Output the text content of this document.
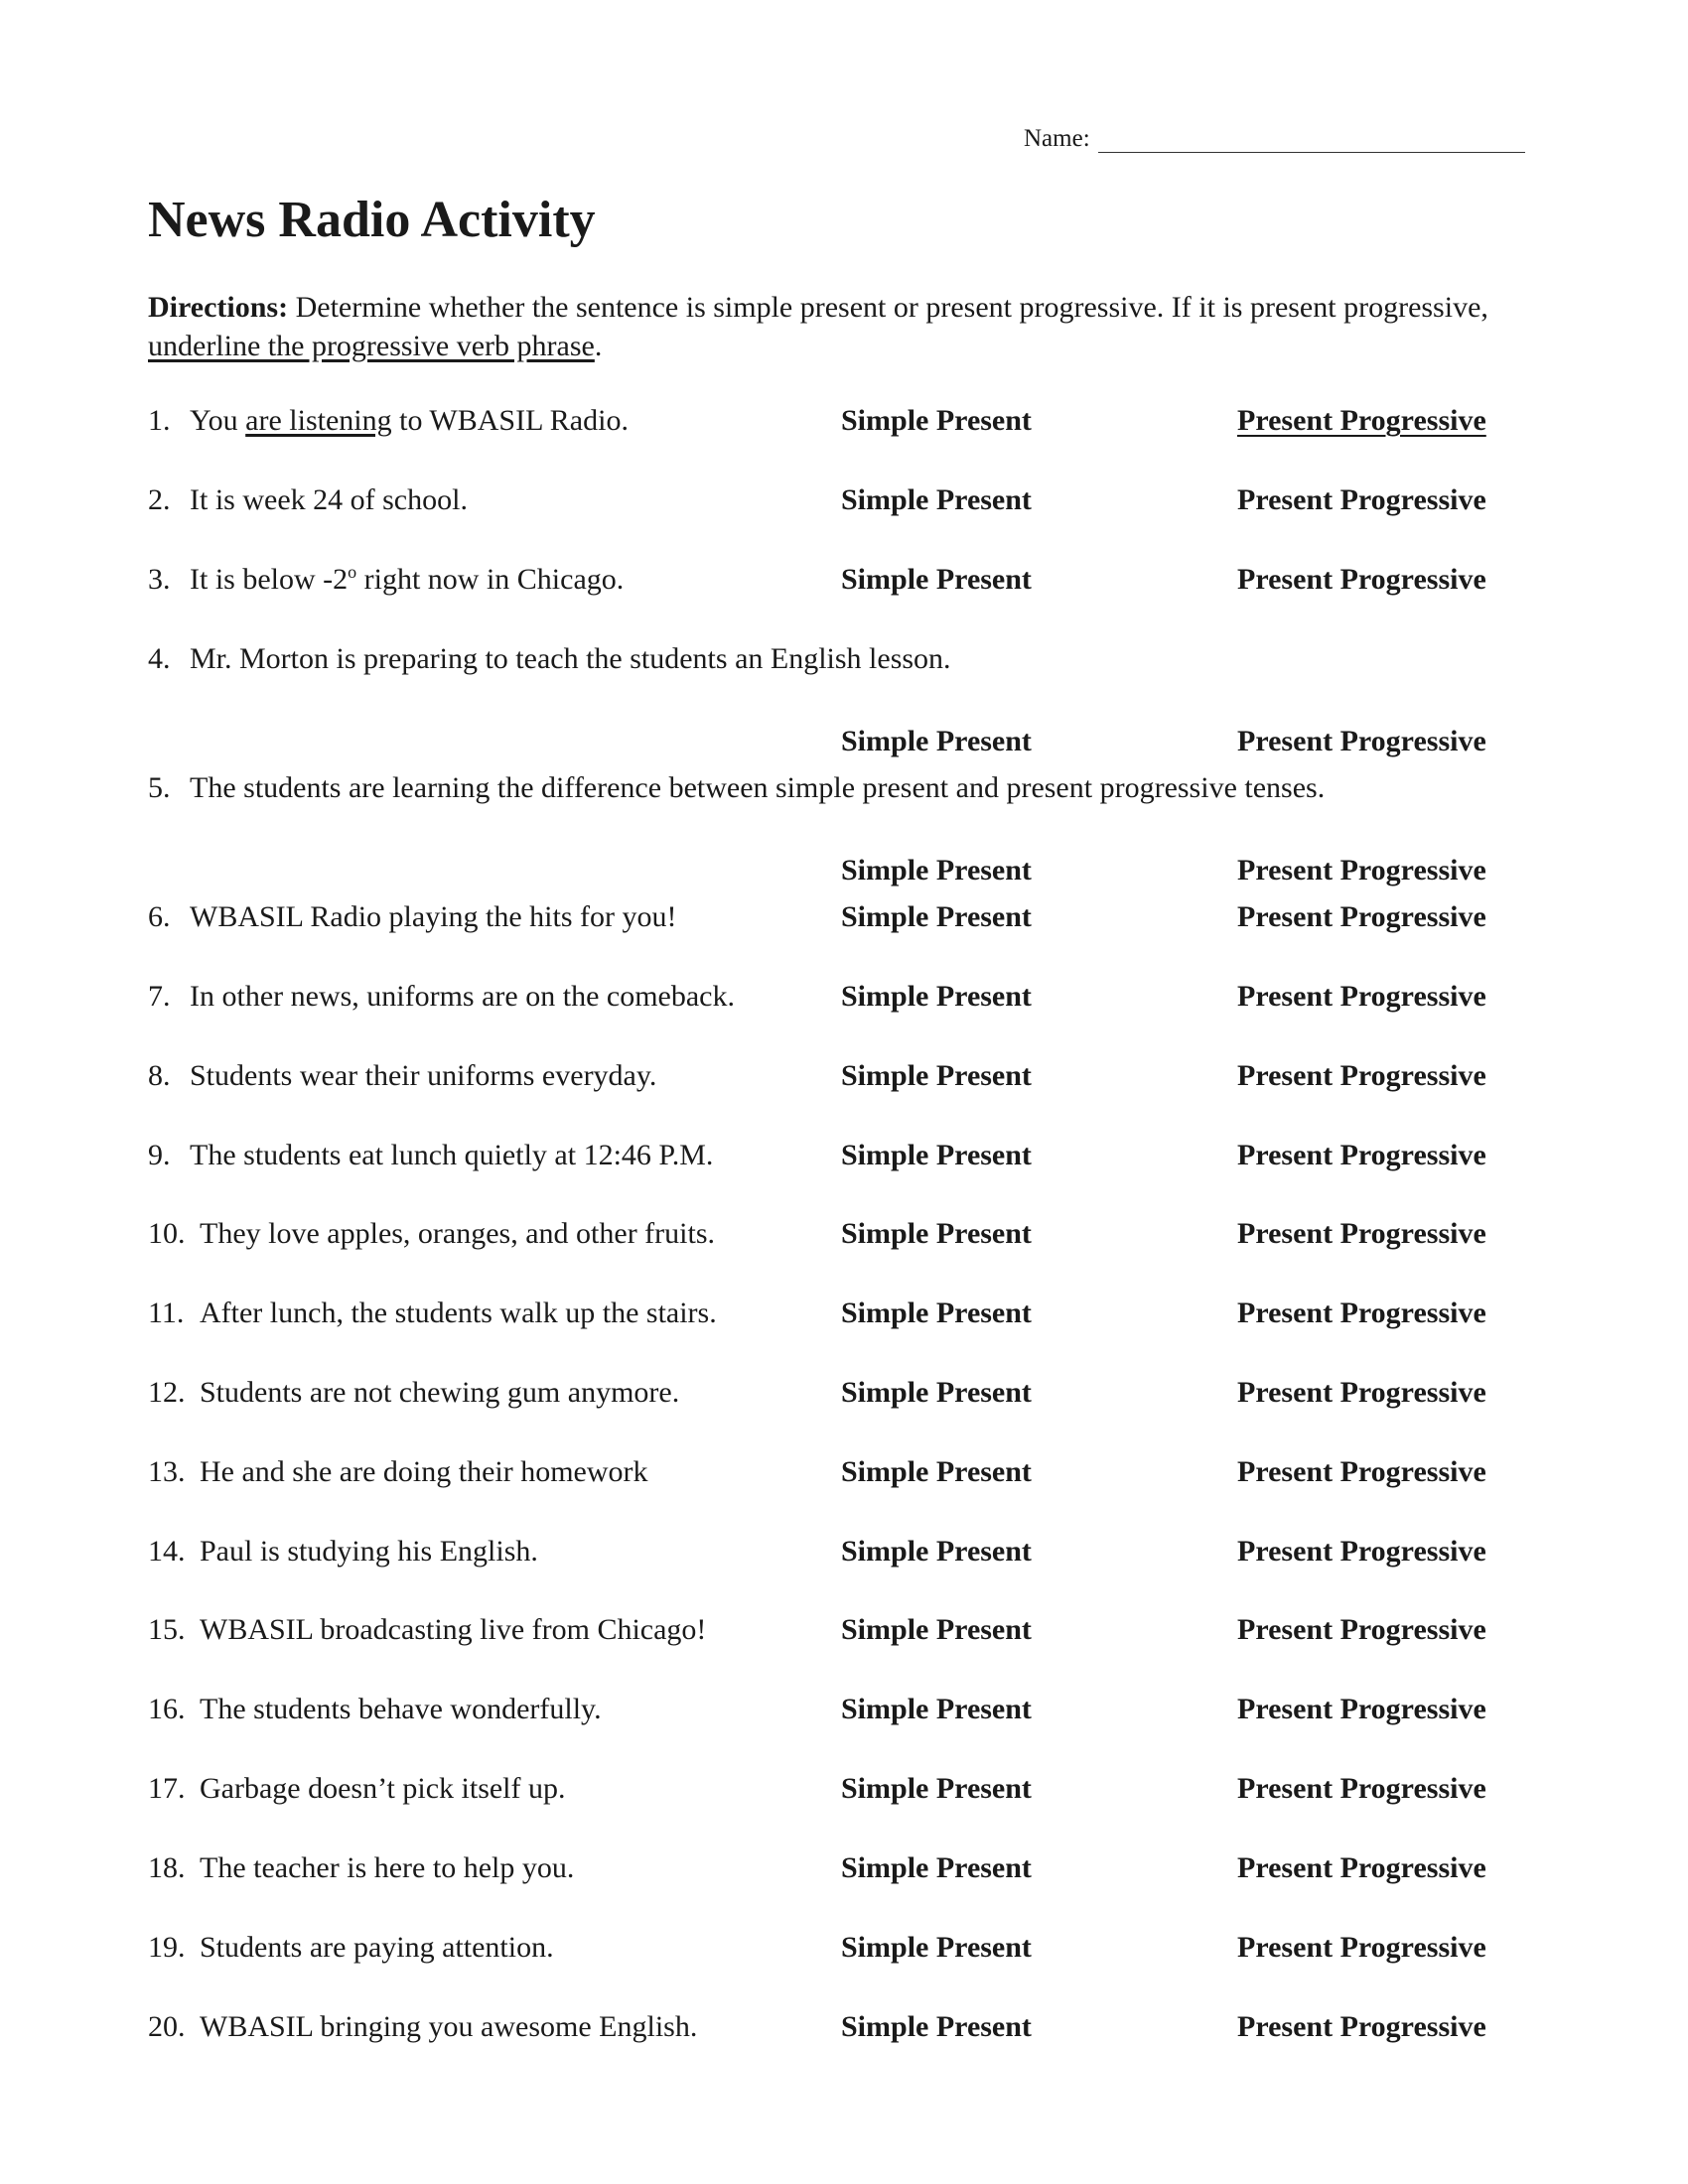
Name:
News Radio Activity

Directions: Determine whether the sentence is simple present or present progressive. If it is present progressive, underline the progressive verb phrase.

1. You are listening to WBASIL Radio.	Simple Present	Present Progressive
2. It is week 24 of school.	Simple Present	Present Progressive
3. It is below -2$^o$ right now in Chicago.	Simple Present	Present Progressive
4. Mr. Morton is preparing to teach the students an English lesson.
Simple Present	Present Progressive
5. The students are learning the difference between simple present and present progressive tenses.
Simple Present	Present Progressive
6. WBASIL Radio playing the hits for you!	Simple Present	Present Progressive
7. In other news, uniforms are on the comeback.	Simple Present	Present Progressive
8. Students wear their uniforms everyday.	Simple Present	Present Progressive
9. The students eat lunch quietly at 12:46 P.M.	Simple Present	Present Progressive
10. They love apples, oranges, and other fruits.	Simple Present	Present Progressive
11. After lunch, the students walk up the stairs.	Simple Present	Present Progressive
12. Students are not chewing gum anymore.	Simple Present	Present Progressive
13. He and she are doing their homework	Simple Present	Present Progressive
14. Paul is studying his English.	Simple Present	Present Progressive
15. WBASIL broadcasting live from Chicago!	Simple Present	Present Progressive
16. The students behave wonderfully.	Simple Present	Present Progressive
17. Garbage doesn’t pick itself up.	Simple Present	Present Progressive
18. The teacher is here to help you.	Simple Present	Present Progressive
19. Students are paying attention.	Simple Present	Present Progressive
20. WBASIL bringing you awesome English.	Simple Present	Present Progressive
